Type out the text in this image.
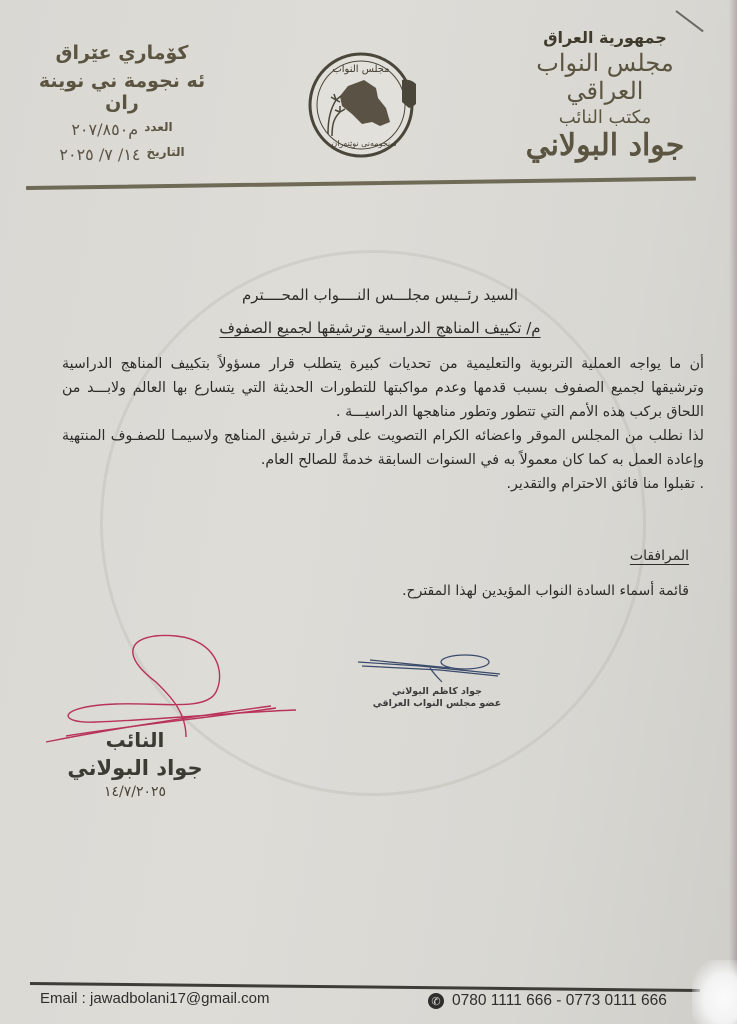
جمهورية العراق
مجلس النواب العراقي
مكتب النائب
جواد البولاني
مجلس النواب
ئه‌نجومه‌نی نوێنه‌ران
كۆماري عێراق
ئه نجومة ني نوينة ران
العدد
م٢٠٧/٨٥٠
التاريخ
١٤/ ٧/ ٢٠٢٥
السيد رئــيس مجلـــس النــــواب المحــــترم
م/ تكييف المناهج الدراسية وترشيقها لجميع الصفوف

أن ما يواجه العملية التربوية والتعليمية من تحديات كبيرة يتطلب قرار مسؤولاً بتكييف المناهج الدراسية وترشيقها لجميع الصفوف بسبب قدمها وعدم مواكبتها للتطورات الحديثة التي يتسارع بها العالم ولابـــد من اللحاق بركب هذه الأمم التي تتطور وتطور مناهجها الدراسيـــة .

لذا نطلب من المجلس الموقر واعضائه الكرام التصويت على قرار ترشيق المناهج ولاسيمـا للصفـوف المنتهية وإعادة العمل به كما كان معمولاً به في السنوات السابقة خدمةً للصالح العام.

. تقبلوا منا فائق الاحترام والتقدير.

المرافقات
قائمة أسماء السادة النواب المؤيدين لهذا المقترح.
جواد كاظم البولاني
عضو مجلس النواب العراقي
النائب
جواد البولاني
١٤/٧/٢٠٢٥
Email : jawadbolani17@gmail.com	✆ 0780 1111 666 - 0773 0111 666
